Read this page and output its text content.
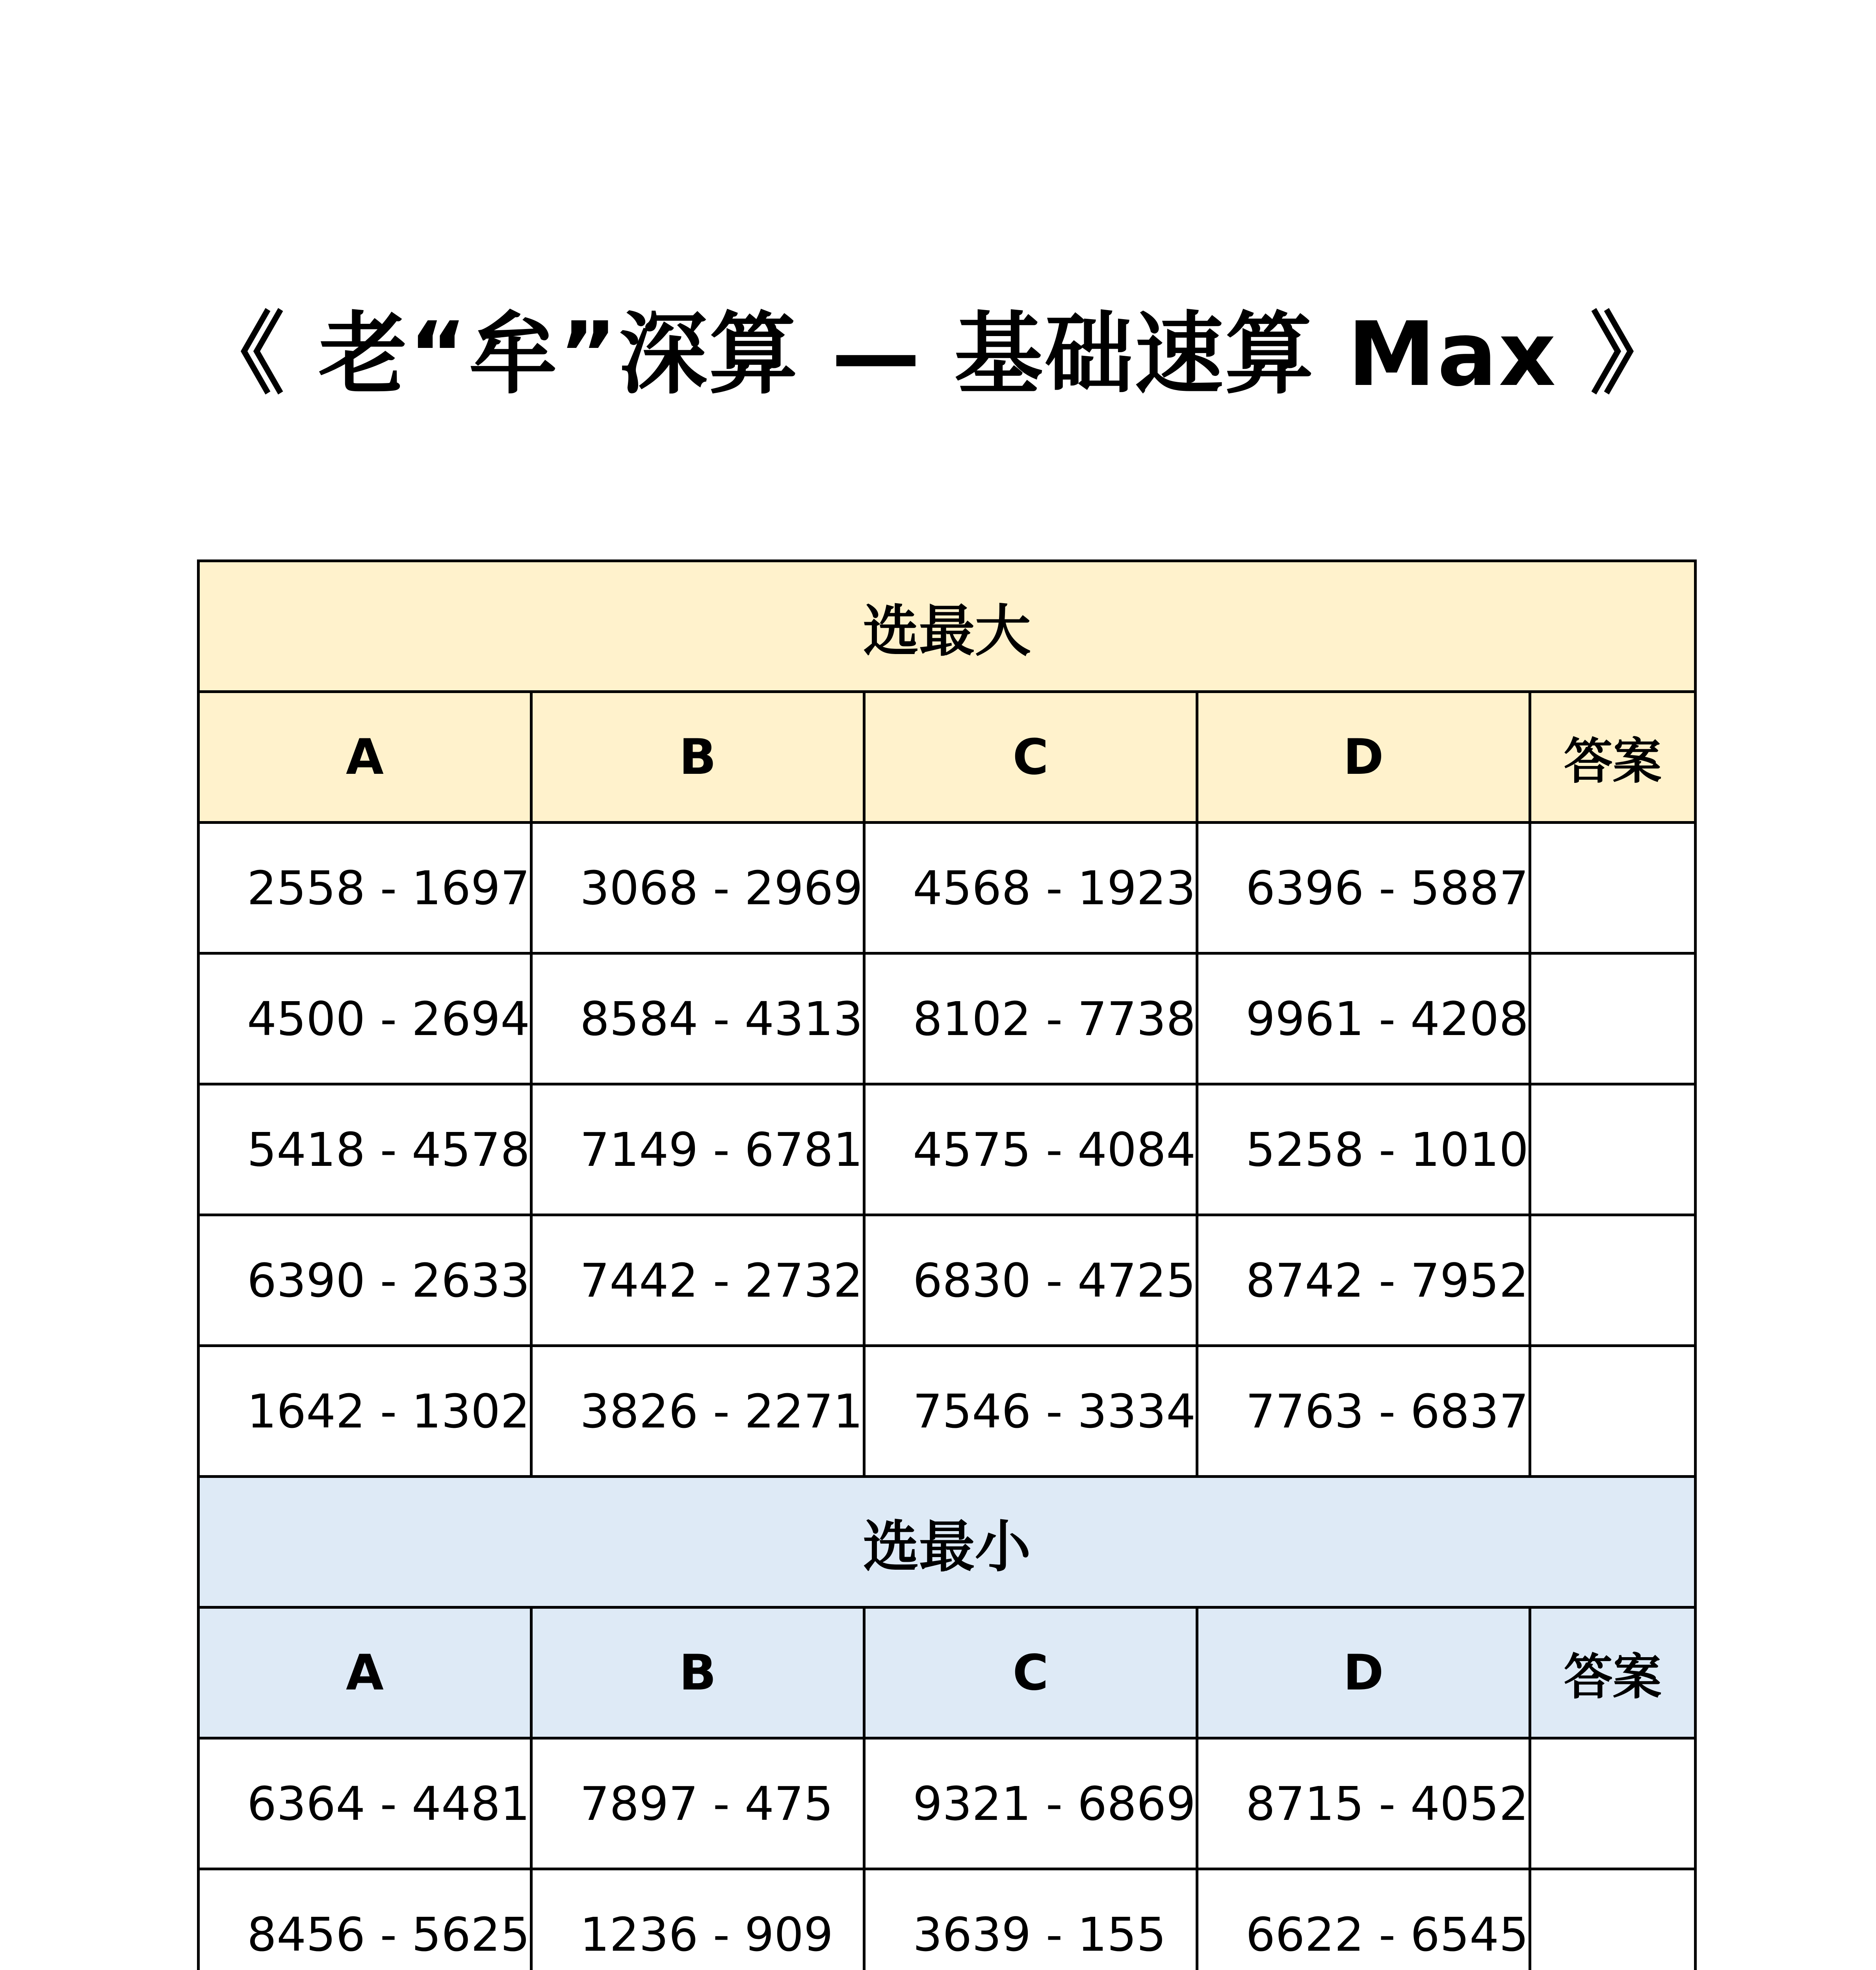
《 老“牟”深算 — 基础速算 Max 》
选最大				
A	B	C	D	答案
2558 - 1697	3068 - 2969	4568 - 1923	6396 - 5887	
4500 - 2694	8584 - 4313	8102 - 7738	9961 - 4208	
5418 - 4578	7149 - 6781	4575 - 4084	5258 - 1010	
6390 - 2633	7442 - 2732	6830 - 4725	8742 - 7952	
1642 - 1302	3826 - 2271	7546 - 3334	7763 - 6837	
选最小				
A	B	C	D	答案
6364 - 4481	7897 - 475	9321 - 6869	8715 - 4052	
8456 - 5625	1236 - 909	3639 - 155	6622 - 6545	
